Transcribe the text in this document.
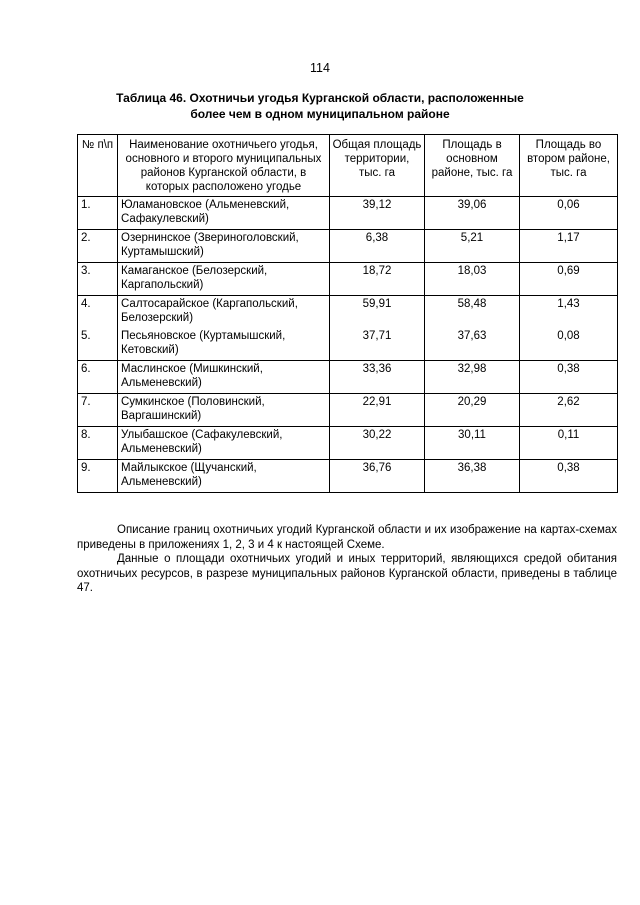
114
Таблица 46. Охотничьи угодья Курганской области, расположенные
более чем в одном муниципальном районе
№ п\п	Наименование охотничьего угодья, основного и второго муниципальных районов Курганской области, в которых расположено угодье	Общая площадь территории, тыс. га	Площадь в основном районе, тыс. га	Площадь во втором районе, тыс. га
1.	Юламановское (Альменевский, Сафакулевский)	39,12	39,06	0,06
2.	Озернинское (Звериноголовский, Куртамышский)	6,38	5,21	1,17
3.	Камаганское (Белозерский, Каргапольский)	18,72	18,03	0,69
4.	Салтосарайское (Каргапольский, Белозерский)	59,91	58,48	1,43
5.	Песьяновское (Куртамышский, Кетовский)	37,71	37,63	0,08
6.	Маслинское (Мишкинский, Альменевский)	33,36	32,98	0,38
7.	Сумкинское (Половинский, Варгашинский)	22,91	20,29	2,62
8.	Улыбашское (Сафакулевский, Альменевский)	30,22	30,11	0,11
9.	Майлыкское (Щучанский, Альменевский)	36,76	36,38	0,38

Описание границ охотничьих угодий Курганской области и их изображение на картах-схемах приведены в приложениях 1, 2, 3 и 4 к настоящей Схеме.

Данные о площади охотничьих угодий и иных территорий, являющихся средой обитания охотничьих ресурсов, в разрезе муниципальных районов Курганской области, приведены в таблице 47.
